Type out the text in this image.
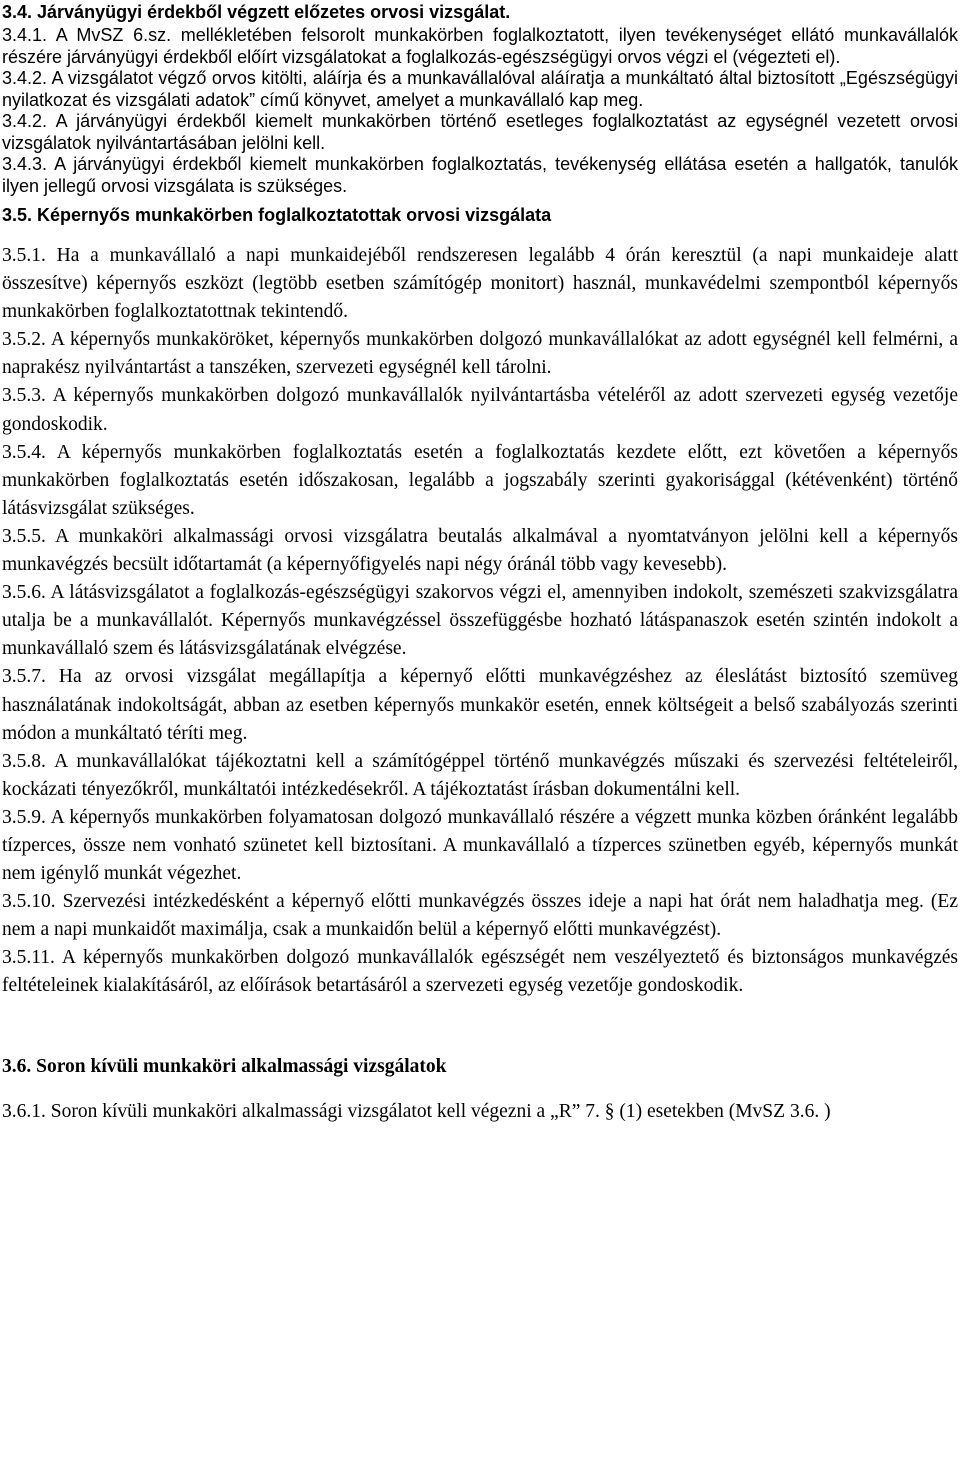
3.4. Járványügyi érdekből végzett előzetes orvosi vizsgálat.

3.4.1. A MvSZ 6.sz. mellékletében felsorolt munkakörben foglalkoztatott, ilyen tevékenységet ellátó munkavállalók részére járványügyi érdekből előírt vizsgálatokat a foglalkozás-egészségügyi orvos végzi el (végezteti el).

3.4.2. A vizsgálatot végző orvos kitölti, aláírja és a munkavállalóval aláíratja a munkáltató által biztosított „Egészségügyi nyilatkozat és vizsgálati adatok” című könyvet, amelyet a munkavállaló kap meg.

3.4.2. A járványügyi érdekből kiemelt munkakörben történő esetleges foglalkoztatást az egységnél vezetett orvosi vizsgálatok nyilvántartásában jelölni kell.

3.4.3. A járványügyi érdekből kiemelt munkakörben foglalkoztatás, tevékenység ellátása esetén a hallgatók, tanulók ilyen jellegű orvosi vizsgálata is szükséges.

3.5. Képernyős munkakörben foglalkoztatottak orvosi vizsgálata

3.5.1. Ha a munkavállaló a napi munkaidejéből rendszeresen legalább 4 órán keresztül (a napi munkaideje alatt összesítve) képernyős eszközt (legtöbb esetben számítógép monitort) használ, munkavédelmi szempontból képernyős munkakörben foglalkoztatottnak tekintendő.

3.5.2. A képernyős munkaköröket, képernyős munkakörben dolgozó munkavállalókat az adott egységnél kell felmérni, a naprakész nyilvántartást a tanszéken, szervezeti egységnél kell tárolni.

3.5.3. A képernyős munkakörben dolgozó munkavállalók nyilvántartásba vételéről az adott szervezeti egység vezetője gondoskodik.

3.5.4. A képernyős munkakörben foglalkoztatás esetén a foglalkoztatás kezdete előtt, ezt követően a képernyős munkakörben foglalkoztatás esetén időszakosan, legalább a jogszabály szerinti gyakorisággal (kétévenként) történő látásvizsgálat szükséges.

3.5.5. A munkaköri alkalmassági orvosi vizsgálatra beutalás alkalmával a nyomtatványon jelölni kell a képernyős munkavégzés becsült időtartamát (a képernyőfigyelés napi négy óránál több vagy kevesebb).

3.5.6. A látásvizsgálatot a foglalkozás-egészségügyi szakorvos végzi el, amennyiben indokolt, szemészeti szakvizsgálatra utalja be a munkavállalót. Képernyős munkavégzéssel összefüggésbe hozható látáspanaszok esetén szintén indokolt a munkavállaló szem és látásvizsgálatának elvégzése.

3.5.7. Ha az orvosi vizsgálat megállapítja a képernyő előtti munkavégzéshez az éleslátást biztosító szemüveg használatának indokoltságát, abban az esetben képernyős munkakör esetén, ennek költségeit a belső szabályozás szerinti módon a munkáltató téríti meg.

3.5.8. A munkavállalókat tájékoztatni kell a számítógéppel történő munkavégzés műszaki és szervezési feltételeiről, kockázati tényezőkről, munkáltatói intézkedésekről. A tájékoztatást írásban dokumentálni kell.

3.5.9. A képernyős munkakörben folyamatosan dolgozó munkavállaló részére a végzett munka közben óránként legalább tízperces, össze nem vonható szünetet kell biztosítani. A munkavállaló a tízperces szünetben egyéb, képernyős munkát nem igénylő munkát végezhet.

3.5.10. Szervezési intézkedésként a képernyő előtti munkavégzés összes ideje a napi hat órát nem haladhatja meg. (Ez nem a napi munkaidőt maximálja, csak a munkaidőn belül a képernyő előtti munkavégzést).

3.5.11. A képernyős munkakörben dolgozó munkavállalók egészségét nem veszélyeztető és biztonságos munkavégzés feltételeinek kialakításáról, az előírások betartásáról a szervezeti egység vezetője gondoskodik.

3.6. Soron kívüli munkaköri alkalmassági vizsgálatok

3.6.1. Soron kívüli munkaköri alkalmassági vizsgálatot kell végezni a „R” 7. § (1) esetekben (MvSZ 3.6. )
